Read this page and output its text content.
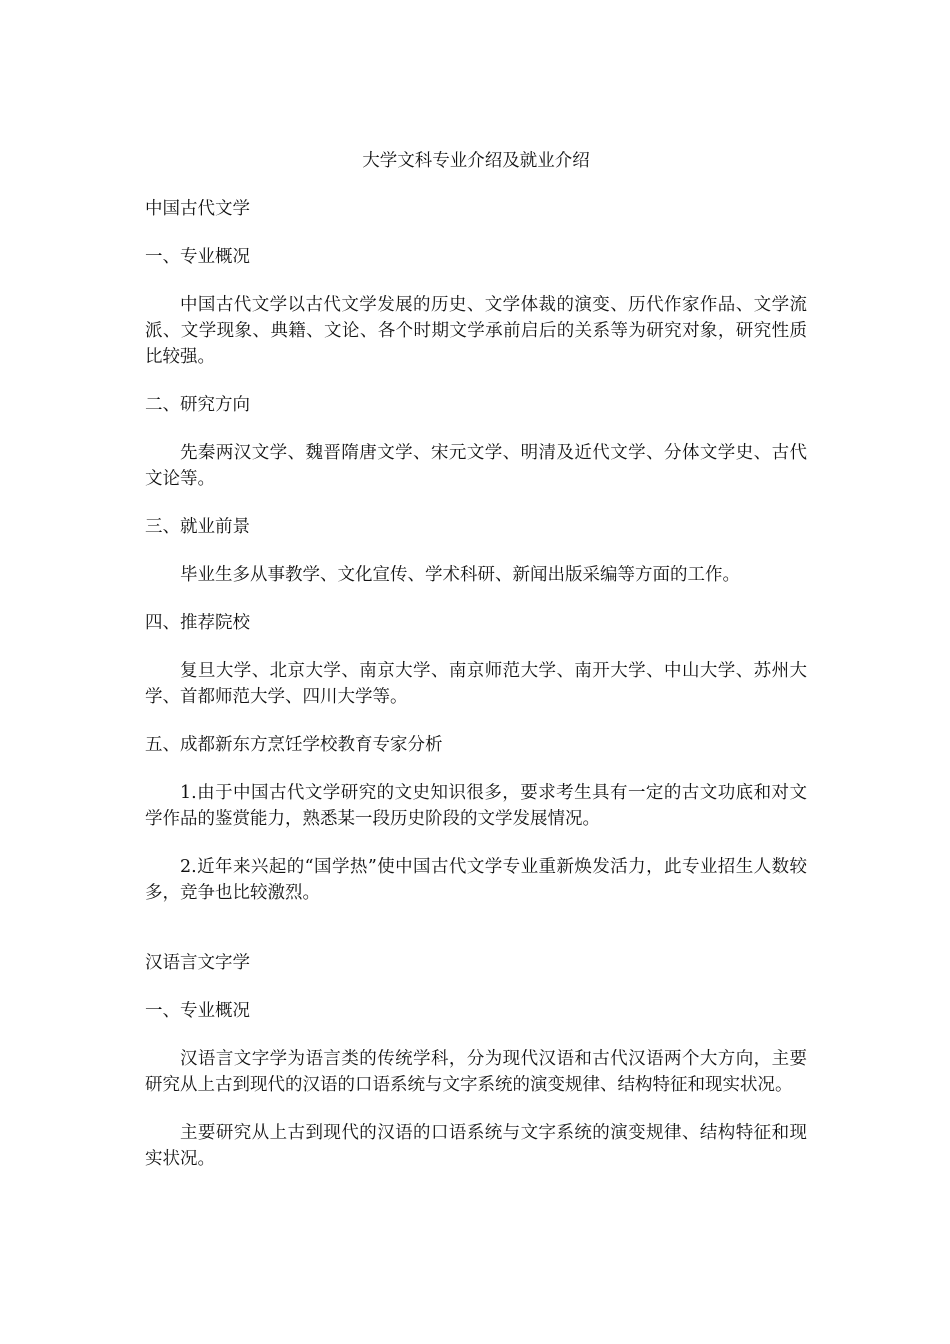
大学文科专业介绍及就业介绍

中国古代文学

一、专业概况

中国古代文学以古代文学发展的历史、文学体裁的演变、历代作家作品、文学流派、文学现象、典籍、文论、各个时期文学承前启后的关系等为研究对象，研究性质比较强。

二、研究方向

先秦两汉文学、魏晋隋唐文学、宋元文学、明清及近代文学、分体文学史、古代文论等。

三、就业前景

毕业生多从事教学、文化宣传、学术科研、新闻出版采编等方面的工作。

四、推荐院校

复旦大学、北京大学、南京大学、南京师范大学、南开大学、中山大学、苏州大学、首都师范大学、四川大学等。

五、成都新东方烹饪学校教育专家分析

1.由于中国古代文学研究的文史知识很多，要求考生具有一定的古文功底和对文学作品的鉴赏能力，熟悉某一段历史阶段的文学发展情况。

2.近年来兴起的“国学热”使中国古代文学专业重新焕发活力，此专业招生人数较多，竞争也比较激烈。

汉语言文字学

一、专业概况

汉语言文字学为语言类的传统学科，分为现代汉语和古代汉语两个大方向，主要研究从上古到现代的汉语的口语系统与文字系统的演变规律、结构特征和现实状况。

主要研究从上古到现代的汉语的口语系统与文字系统的演变规律、结构特征和现实状况。
